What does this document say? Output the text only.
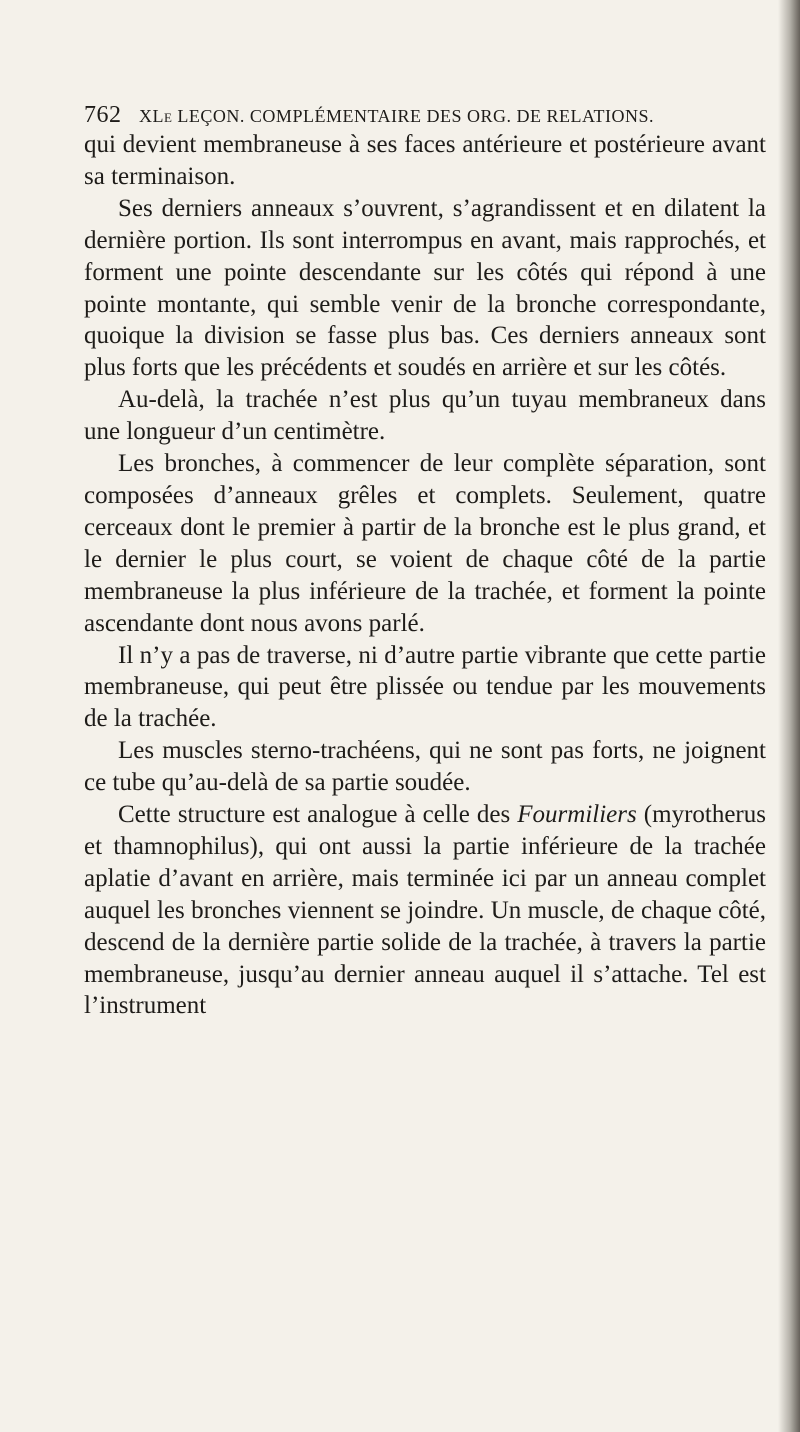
762 XLe LEÇON. COMPLÉMENTAIRE DES ORG. DE RELATIONS.

qui devient membraneuse à ses faces antérieure et postérieure avant sa terminaison.

Ses derniers anneaux s’ouvrent, s’agrandissent et en dilatent la dernière portion. Ils sont interrompus en avant, mais rapprochés, et forment une pointe descendante sur les côtés qui répond à une pointe montante, qui semble venir de la bronche correspondante, quoique la division se fasse plus bas. Ces derniers anneaux sont plus forts que les précédents et soudés en arrière et sur les côtés.

Au-delà, la trachée n’est plus qu’un tuyau membraneux dans une longueur d’un centimètre.

Les bronches, à commencer de leur complète séparation, sont composées d’anneaux grêles et complets. Seulement, quatre cerceaux dont le premier à partir de la bronche est le plus grand, et le dernier le plus court, se voient de chaque côté de la partie membraneuse la plus inférieure de la trachée, et forment la pointe ascendante dont nous avons parlé.

Il n’y a pas de traverse, ni d’autre partie vibrante que cette partie membraneuse, qui peut être plissée ou tendue par les mouvements de la trachée.

Les muscles sterno-trachéens, qui ne sont pas forts, ne joignent ce tube qu’au-delà de sa partie soudée.

Cette structure est analogue à celle des Fourmiliers (myrotherus et thamnophilus), qui ont aussi la partie inférieure de la trachée aplatie d’avant en arrière, mais terminée ici par un anneau complet auquel les bronches viennent se joindre. Un muscle, de chaque côté, descend de la dernière partie solide de la trachée, à travers la partie membraneuse, jusqu’au dernier anneau auquel il s’attache. Tel est l’instrument
